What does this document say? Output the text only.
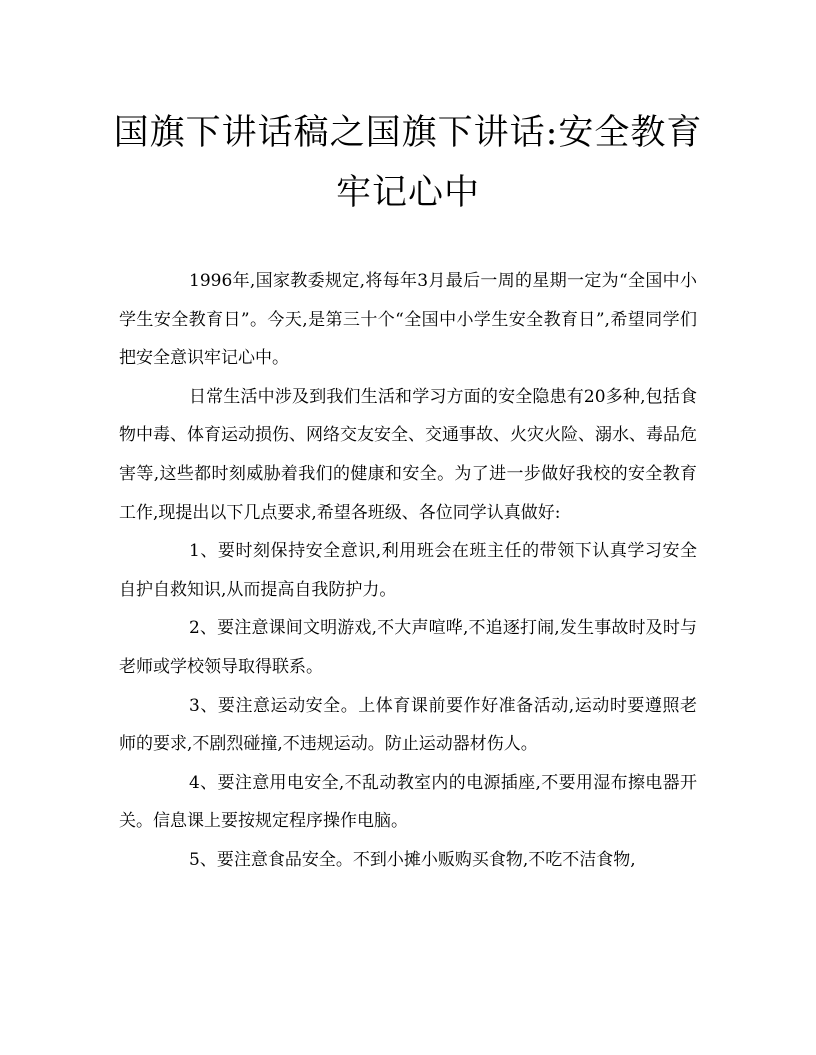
国旗下讲话稿之国旗下讲话:安全教育
牢记心中

1996年,国家教委规定,将每年3月最后一周的星期一定为“全国中小学生安全教育日”。今天,是第三十个“全国中小学生安全教育日”,希望同学们把安全意识牢记心中。

日常生活中涉及到我们生活和学习方面的安全隐患有20多种,包括食物中毒、体育运动损伤、网络交友安全、交通事故、火灾火险、溺水、毒品危害等,这些都时刻威胁着我们的健康和安全。为了进一步做好我校的安全教育工作,现提出以下几点要求,希望各班级、各位同学认真做好:

1、要时刻保持安全意识,利用班会在班主任的带领下认真学习安全自护自救知识,从而提高自我防护力。

2、要注意课间文明游戏,不大声喧哗,不追逐打闹,发生事故时及时与老师或学校领导取得联系。

3、要注意运动安全。上体育课前要作好准备活动,运动时要遵照老师的要求,不剧烈碰撞,不违规运动。防止运动器材伤人。

4、要注意用电安全,不乱动教室内的电源插座,不要用湿布擦电器开关。信息课上要按规定程序操作电脑。

5、要注意食品安全。不到小摊小贩购买食物,不吃不洁食物,
